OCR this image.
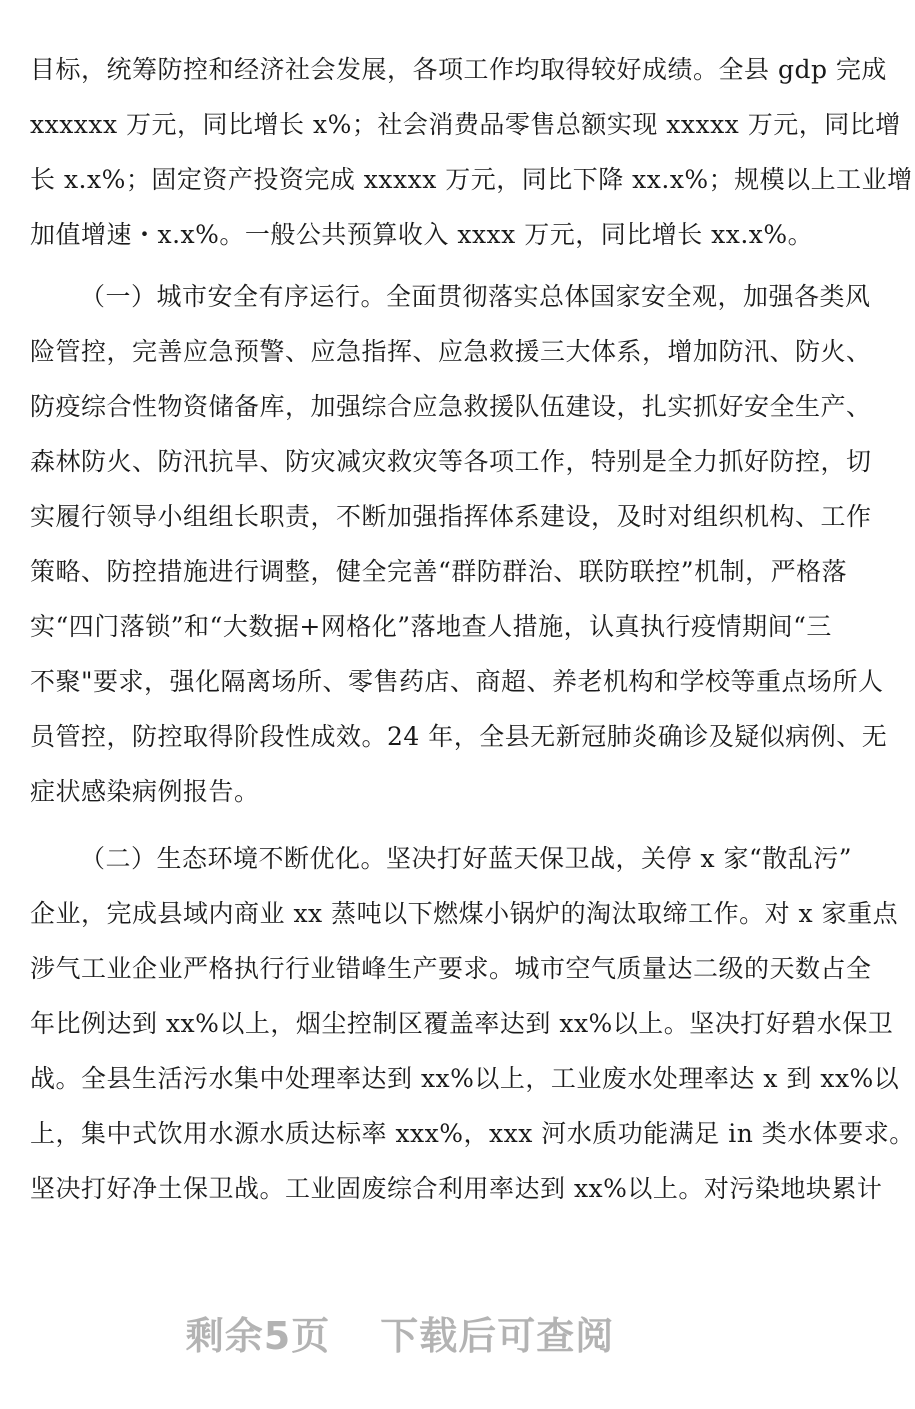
目标，统筹防控和经济社会发展，各项工作均取得较好成绩。全县 gdp 完成
xxxxxx 万元，同比增长 x%；社会消费品零售总额实现 xxxxx 万元，同比增
长 x.x%；固定资产投资完成 xxxxx 万元，同比下降 xx.x%；规模以上工业增
加值增速・x.x%。一般公共预算收入 xxxx 万元，同比增长 xx.x%。
（一）城市安全有序运行。全面贯彻落实总体国家安全观，加强各类风
险管控，完善应急预警、应急指挥、应急救援三大体系，增加防汛、防火、
防疫综合性物资储备库，加强综合应急救援队伍建设，扎实抓好安全生产、
森林防火、防汛抗旱、防灾减灾救灾等各项工作，特别是全力抓好防控，切
实履行领导小组组长职责，不断加强指挥体系建设，及时对组织机构、工作
策略、防控措施进行调整，健全完善“群防群治、联防联控”机制，严格落
实“四门落锁”和“大数据+网格化”落地查人措施，认真执行疫情期间“三
不聚"要求，强化隔离场所、零售药店、商超、养老机构和学校等重点场所人
员管控，防控取得阶段性成效。24 年，全县无新冠肺炎确诊及疑似病例、无
症状感染病例报告。
（二）生态环境不断优化。坚决打好蓝天保卫战，关停 x 家“散乱污”
企业，完成县域内商业 xx 蒸吨以下燃煤小锅炉的淘汰取缔工作。对 x 家重点
涉气工业企业严格执行行业错峰生产要求。城市空气质量达二级的天数占全
年比例达到 xx%以上，烟尘控制区覆盖率达到 xx%以上。坚决打好碧水保卫
战。全县生活污水集中处理率达到 xx%以上，工业废水处理率达 x 到 xx%以
上，集中式饮用水源水质达标率 xxx%，xxx 河水质功能满足 in 类水体要求。
坚决打好净土保卫战。工业固废综合利用率达到 xx%以上。对污染地块累计
剩余5页 下载后可查阅
